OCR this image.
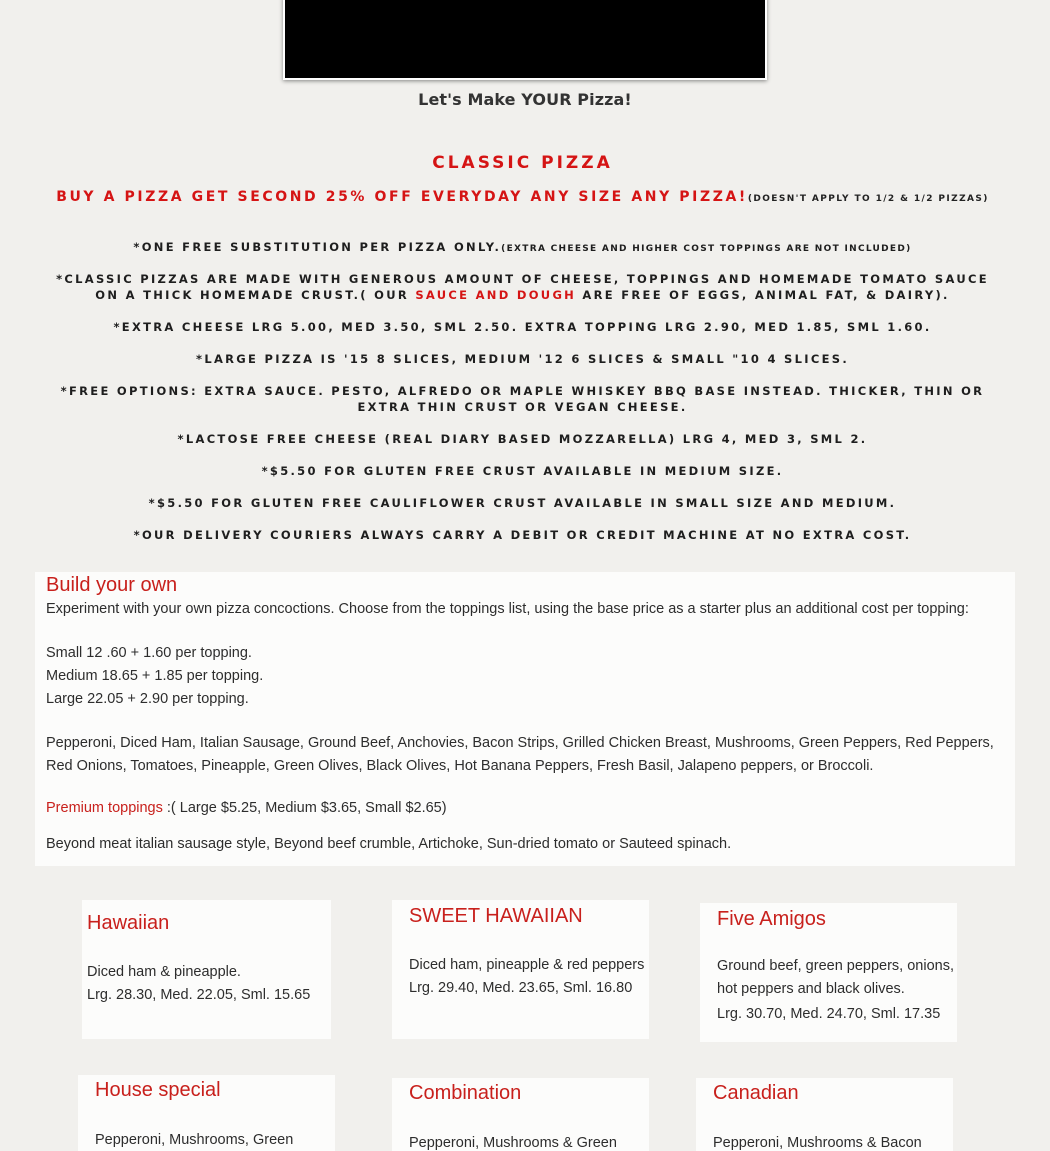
Let's Make YOUR Pizza!
CLASSIC PIZZA
BUY A PIZZA GET SECOND 25% OFF EVERYDAY ANY SIZE ANY PIZZA!(DOESN'T APPLY TO 1/2 & 1/2 PIZZAS)
*ONE FREE SUBSTITUTION PER PIZZA ONLY.(EXTRA CHEESE AND HIGHER COST TOPPINGS ARE NOT INCLUDED)
*CLASSIC PIZZAS ARE MADE WITH GENEROUS AMOUNT OF CHEESE, TOPPINGS AND HOMEMADE TOMATO SAUCE ON A THICK HOMEMADE CRUST.( OUR SAUCE AND DOUGH ARE FREE OF EGGS, ANIMAL FAT, & DAIRY).
*EXTRA CHEESE LRG 5.00, MED 3.50, SML 2.50. EXTRA TOPPING LRG 2.90, MED 1.85, SML 1.60.
*LARGE PIZZA IS '15 8 SLICES, MEDIUM '12 6 SLICES & SMALL "10 4 SLICES.
*FREE OPTIONS: EXTRA SAUCE. PESTO, ALFREDO OR MAPLE WHISKEY BBQ BASE INSTEAD. THICKER, THIN OR EXTRA THIN CRUST OR VEGAN CHEESE.
*LACTOSE FREE CHEESE (REAL DIARY BASED MOZZARELLA) LRG 4, MED 3, SML 2.
*$5.50 FOR GLUTEN FREE CRUST AVAILABLE IN MEDIUM SIZE.
*$5.50 FOR GLUTEN FREE CAULIFLOWER CRUST AVAILABLE IN SMALL SIZE AND MEDIUM.
*OUR DELIVERY COURIERS ALWAYS CARRY A DEBIT OR CREDIT MACHINE AT NO EXTRA COST.
Build your own

Experiment with your own pizza concoctions. Choose from the toppings list, using the base price as a starter plus an additional cost per topping:

Small 12 .60 + 1.60 per topping.

Medium 18.65 + 1.85 per topping.

Large 22.05 + 2.90 per topping.

Pepperoni, Diced Ham, Italian Sausage, Ground Beef, Anchovies, Bacon Strips, Grilled Chicken Breast, Mushrooms, Green Peppers, Red Peppers, Red Onions, Tomatoes, Pineapple, Green Olives, Black Olives, Hot Banana Peppers, Fresh Basil, Jalapeno peppers, or Broccoli.

Premium toppings :( Large $5.25, Medium $3.65, Small $2.65)

Beyond meat italian sausage style, Beyond beef crumble, Artichoke, Sun-dried tomato or Sauteed spinach.

Hawaiian
Diced ham & pineapple.
Lrg. 28.30, Med. 22.05, Sml. 15.65
SWEET HAWAIIAN
Diced ham, pineapple & red peppers
Lrg. 29.40, Med. 23.65, Sml. 16.80
Five Amigos
Ground beef, green peppers, onions,
hot peppers and black olives.
Lrg. 30.70, Med. 24.70, Sml. 17.35
House special
Pepperoni, Mushrooms, Green
Combination
Pepperoni, Mushrooms & Green
Canadian
Pepperoni, Mushrooms & Bacon
